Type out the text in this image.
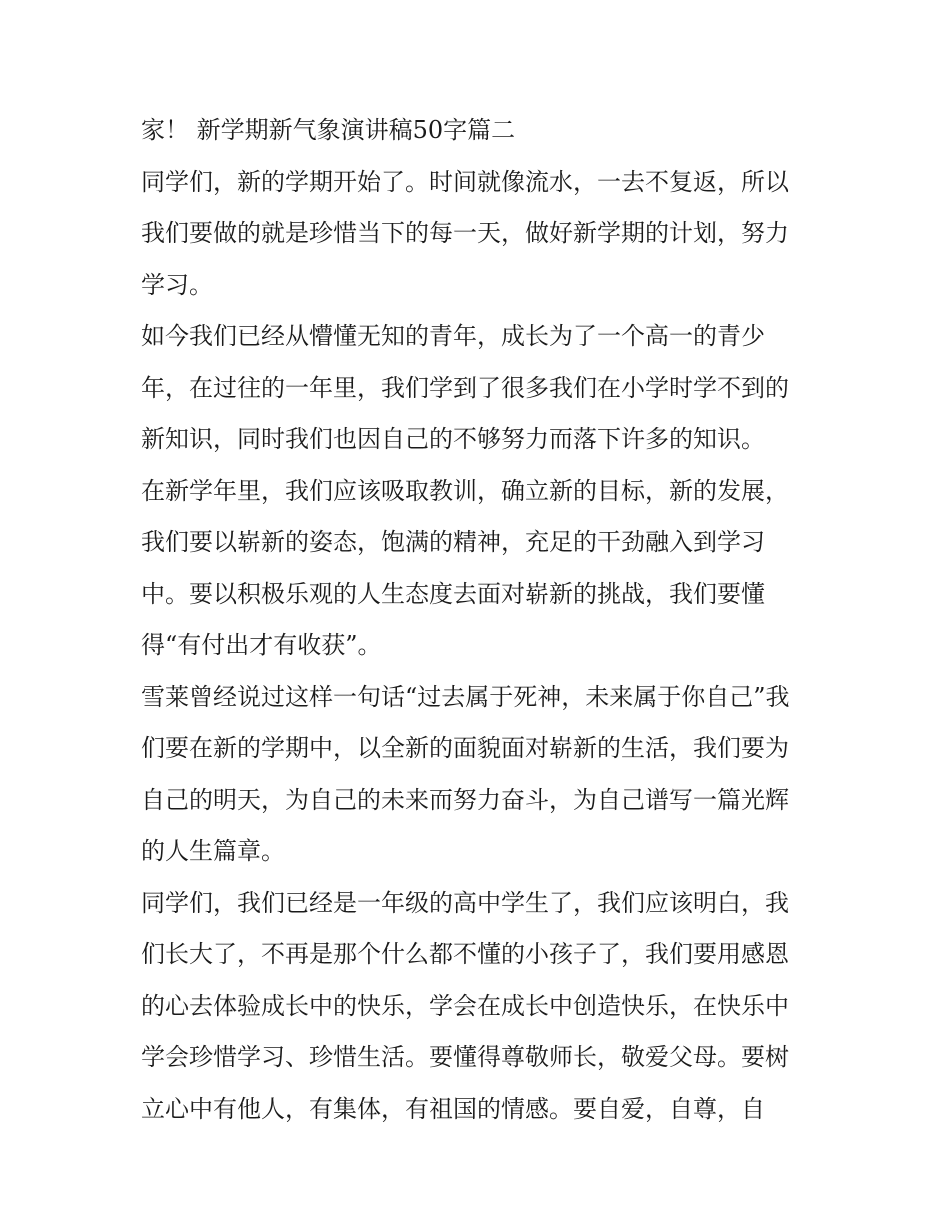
家！ 新学期新气象演讲稿50字篇二
同学们，新的学期开始了。时间就像流水，一去不复返，所以
我们要做的就是珍惜当下的每一天，做好新学期的计划，努力
学习。
如今我们已经从懵懂无知的青年，成长为了一个高一的青少
年，在过往的一年里，我们学到了很多我们在小学时学不到的
新知识，同时我们也因自己的不够努力而落下许多的知识。
在新学年里，我们应该吸取教训，确立新的目标，新的发展，
我们要以崭新的姿态，饱满的精神，充足的干劲融入到学习
中。要以积极乐观的人生态度去面对崭新的挑战，我们要懂
得“有付出才有收获”。
雪莱曾经说过这样一句话“过去属于死神，未来属于你自己”我
们要在新的学期中，以全新的面貌面对崭新的生活，我们要为
自己的明天，为自己的未来而努力奋斗，为自己谱写一篇光辉
的人生篇章。
同学们，我们已经是一年级的高中学生了，我们应该明白，我
们长大了，不再是那个什么都不懂的小孩子了，我们要用感恩
的心去体验成长中的快乐，学会在成长中创造快乐，在快乐中
学会珍惜学习、珍惜生活。要懂得尊敬师长，敬爱父母。要树
立心中有他人，有集体，有祖国的情感。要自爱，自尊，自
